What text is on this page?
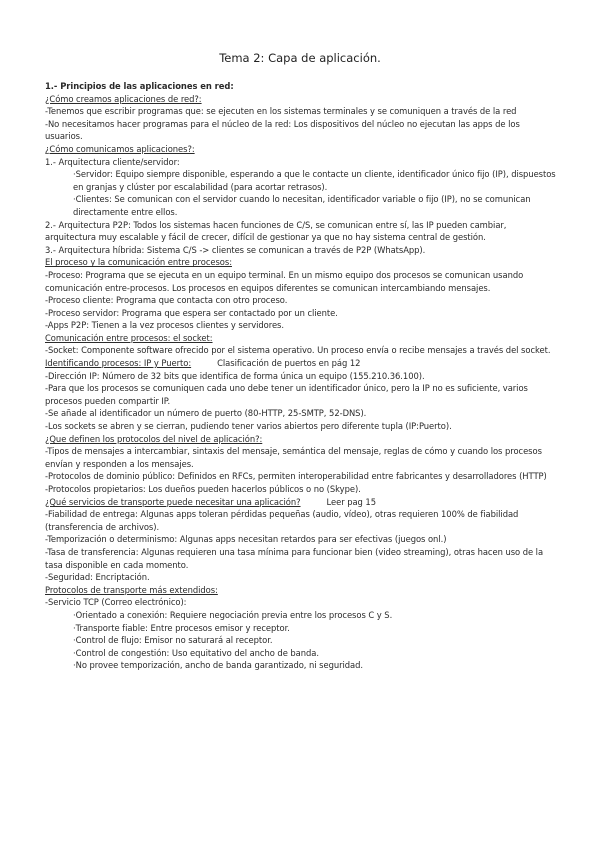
Tema 2: Capa de aplicación.

1.- Principios de las aplicaciones en red:

¿Cómo creamos aplicaciones de red?:

-Tenemos que escribir programas que: se ejecuten en los sistemas terminales y se comuniquen a través de la red

-No necesitamos hacer programas para el núcleo de la red: Los dispositivos del núcleo no ejecutan las apps de los usuarios.

¿Cómo comunicamos aplicaciones?:

1.- Arquitectura cliente/servidor:

·Servidor: Equipo siempre disponible, esperando a que le contacte un cliente, identificador único fijo (IP), dispuestos en granjas y clúster por escalabilidad (para acortar retrasos).

·Clientes: Se comunican con el servidor cuando lo necesitan, identificador variable o fijo (IP), no se comunican directamente entre ellos.

2.- Arquitectura P2P: Todos los sistemas hacen funciones de C/S, se comunican entre sí, las IP pueden cambiar, arquitectura muy escalable y fácil de crecer, difícil de gestionar ya que no hay sistema central de gestión.

3.- Arquitectura híbrida: Sistema C/S -> clientes se comunican a través de P2P (WhatsApp).

El proceso y la comunicación entre procesos:

-Proceso: Programa que se ejecuta en un equipo terminal. En un mismo equipo dos procesos se comunican usando comunicación entre-procesos. Los procesos en equipos diferentes se comunican intercambiando mensajes.

-Proceso cliente: Programa que contacta con otro proceso.

-Proceso servidor: Programa que espera ser contactado por un cliente.

-Apps P2P: Tienen a la vez procesos clientes y servidores.

Comunicación entre procesos: el socket:

-Socket: Componente software ofrecido por el sistema operativo. Un proceso envía o recibe mensajes a través del socket.

Identificando procesos: IP y Puerto:	Clasificación de puertos en pág 12

-Dirección IP: Número de 32 bits que identifica de forma única un equipo (155.210.36.100).

-Para que los procesos se comuniquen cada uno debe tener un identificador único, pero la IP no es suficiente, varios procesos pueden compartir IP.

-Se añade al identificador un número de puerto (80-HTTP, 25-SMTP, 52-DNS).

-Los sockets se abren y se cierran, pudiendo tener varios abiertos pero diferente tupla (IP:Puerto).

¿Que definen los protocolos del nivel de aplicación?:

-Tipos de mensajes a intercambiar, sintaxis del mensaje, semántica del mensaje, reglas de cómo y cuando los procesos envían y responden a los mensajes.

-Protocolos de dominio público: Definidos en RFCs, permiten interoperabilidad entre fabricantes y desarrolladores (HTTP)

-Protocolos propietarios: Los dueños pueden hacerlos públicos o no (Skype).

¿Qué servicios de transporte puede necesitar una aplicación?	Leer pag 15

-Fiabilidad de entrega: Algunas apps toleran pérdidas pequeñas (audio, vídeo), otras requieren 100% de fiabilidad (transferencia de archivos).

-Temporización o determinismo: Algunas apps necesitan retardos para ser efectivas (juegos onl.)

-Tasa de transferencia: Algunas requieren una tasa mínima para funcionar bien (video streaming), otras hacen uso de la tasa disponible en cada momento.

-Seguridad: Encriptación.

Protocolos de transporte más extendidos:

-Servicio TCP (Correo electrónico):

·Orientado a conexión: Requiere negociación previa entre los procesos C y S.

·Transporte fiable: Entre procesos emisor y receptor.

·Control de flujo: Emisor no saturará al receptor.

·Control de congestión: Uso equitativo del ancho de banda.

·No provee temporización, ancho de banda garantizado, ni seguridad.
